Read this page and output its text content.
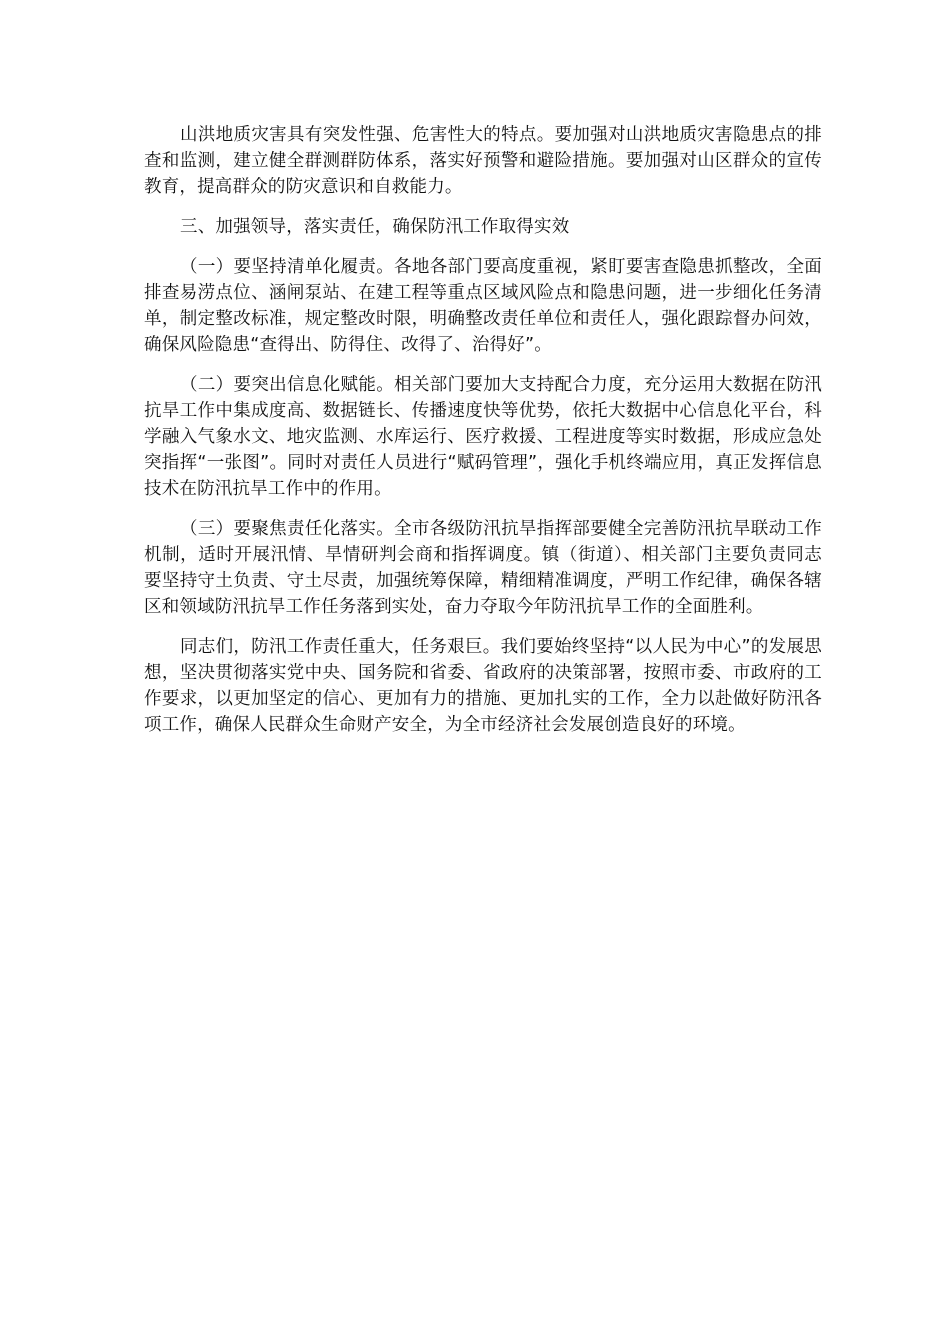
山洪地质灾害具有突发性强、危害性大的特点。要加强对山洪地质灾害隐患点的排查和监测，建立健全群测群防体系，落实好预警和避险措施。要加强对山区群众的宣传教育，提高群众的防灾意识和自救能力。

三、加强领导，落实责任，确保防汛工作取得实效

（一）要坚持清单化履责。各地各部门要高度重视，紧盯要害查隐患抓整改，全面排查易涝点位、涵闸泵站、在建工程等重点区域风险点和隐患问题，进一步细化任务清单，制定整改标准，规定整改时限，明确整改责任单位和责任人，强化跟踪督办问效，确保风险隐患“查得出、防得住、改得了、治得好”。

（二）要突出信息化赋能。相关部门要加大支持配合力度，充分运用大数据在防汛抗旱工作中集成度高、数据链长、传播速度快等优势，依托大数据中心信息化平台，科学融入气象水文、地灾监测、水库运行、医疗救援、工程进度等实时数据，形成应急处突指挥“一张图”。同时对责任人员进行“赋码管理”，强化手机终端应用，真正发挥信息技术在防汛抗旱工作中的作用。

（三）要聚焦责任化落实。全市各级防汛抗旱指挥部要健全完善防汛抗旱联动工作机制，适时开展汛情、旱情研判会商和指挥调度。镇（街道）、相关部门主要负责同志要坚持守土负责、守土尽责，加强统筹保障，精细精准调度，严明工作纪律，确保各辖区和领域防汛抗旱工作任务落到实处，奋力夺取今年防汛抗旱工作的全面胜利。

同志们，防汛工作责任重大，任务艰巨。我们要始终坚持“以人民为中心”的发展思想，坚决贯彻落实党中央、国务院和省委、省政府的决策部署，按照市委、市政府的工作要求，以更加坚定的信心、更加有力的措施、更加扎实的工作，全力以赴做好防汛各项工作，确保人民群众生命财产安全，为全市经济社会发展创造良好的环境。
